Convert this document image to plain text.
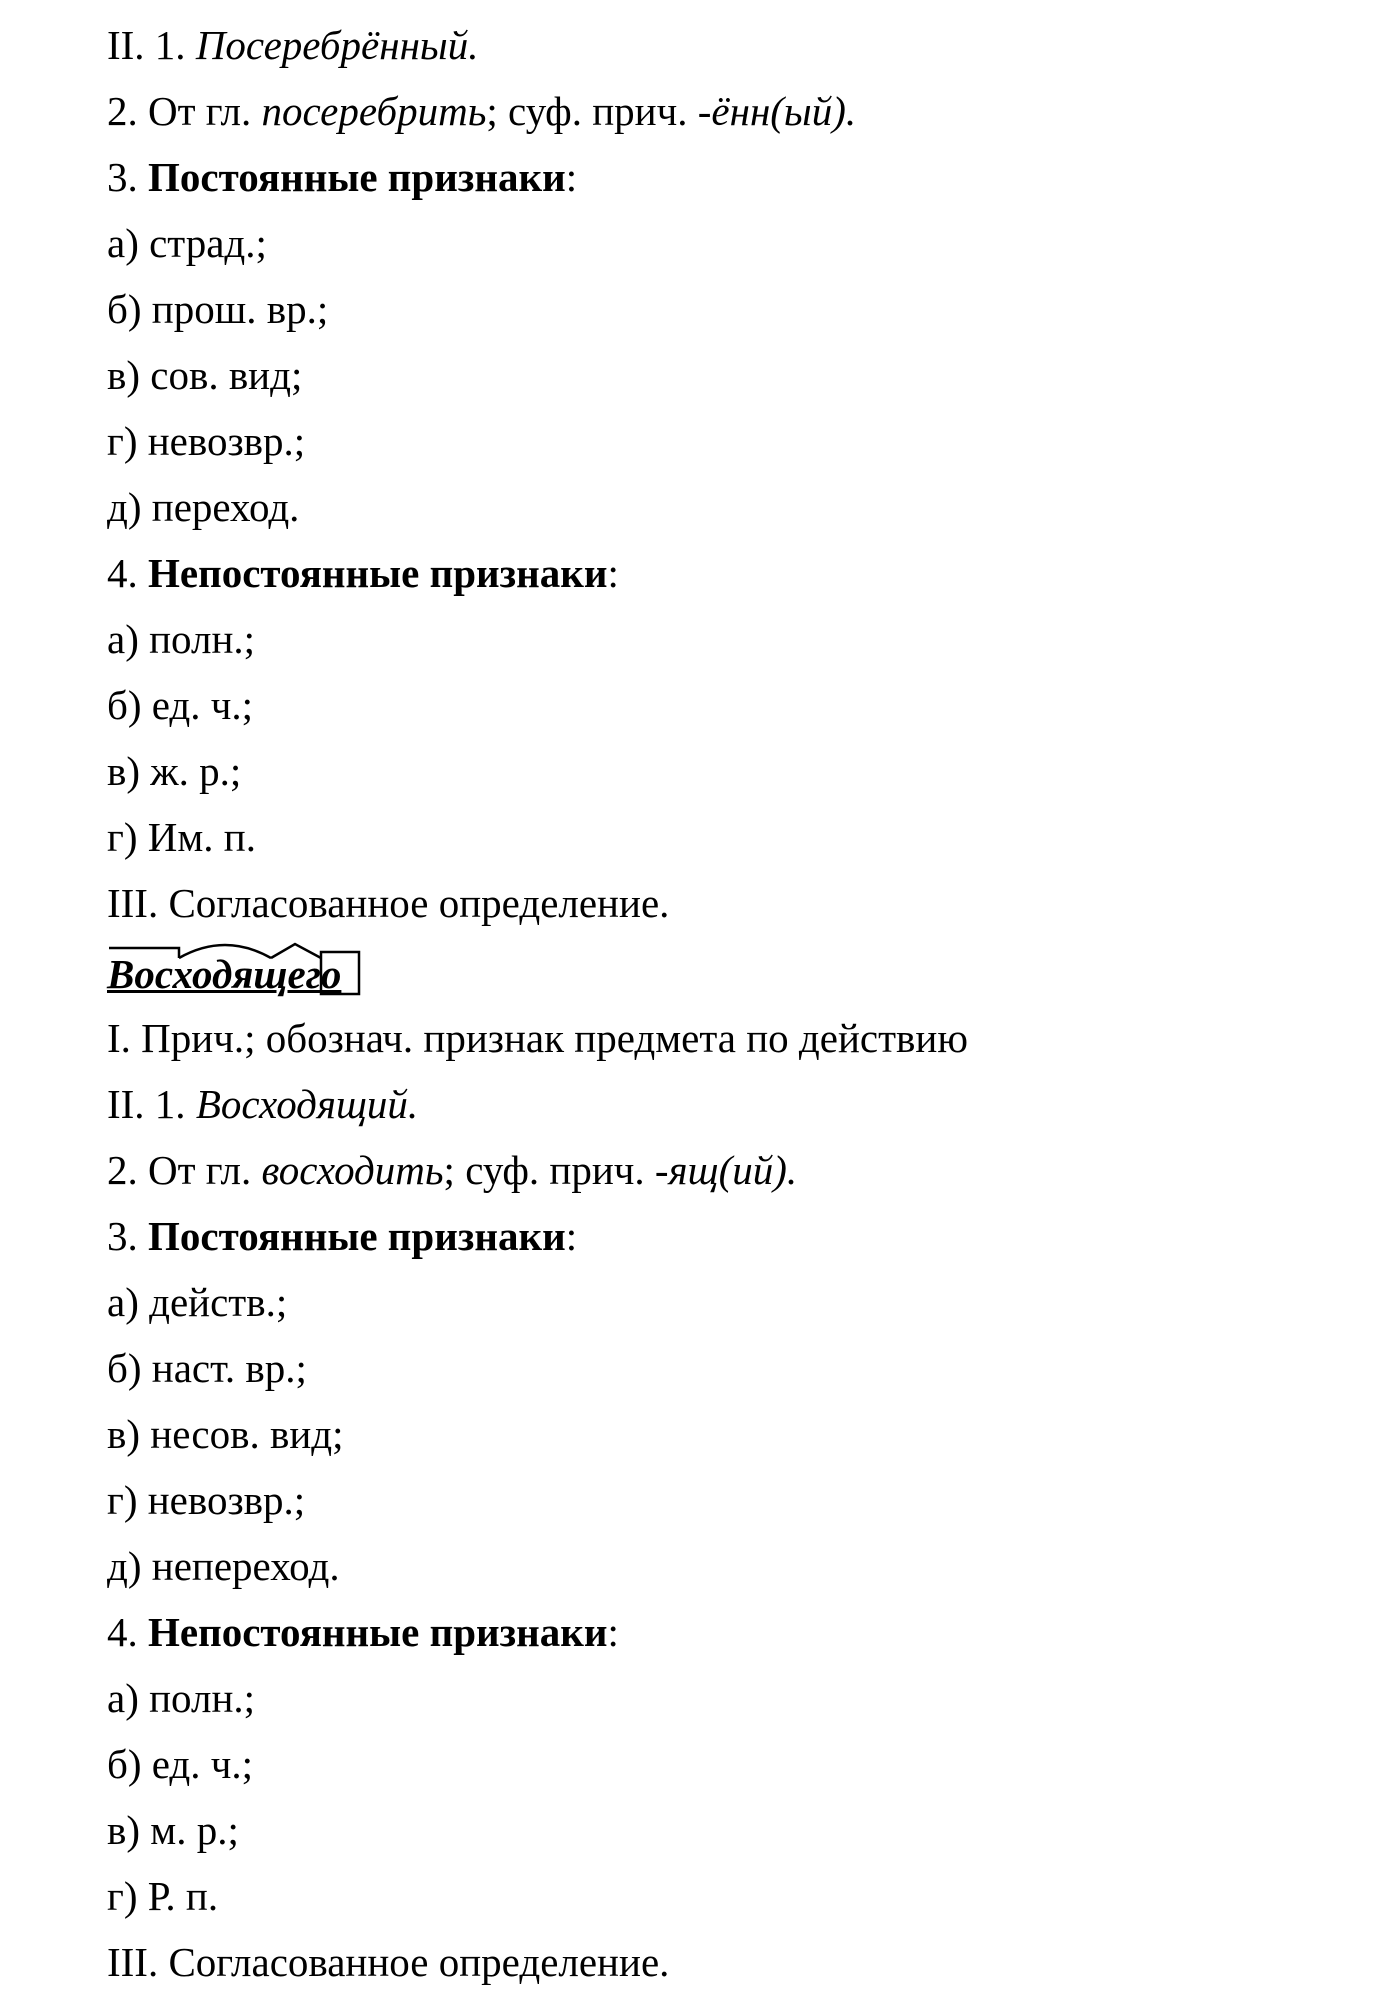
II. 1. Посеребрённый.
2. От гл. посеребрить; суф. прич. -ённ(ый).
3. Постоянные признаки:
а) страд.;
б) прош. вр.;
в) сов. вид;
г) невозвр.;
д) переход.
4. Непостоянные признаки:
а) полн.;
б) ед. ч.;
в) ж. р.;
г) Им. п.
III. Согласованное определение.
Восходящего
I. Прич.; обознач. признак предмета по действию
II. 1. Восходящий.
2. От гл. восходить; суф. прич. -ящ(ий).
3. Постоянные признаки:
а) действ.;
б) наст. вр.;
в) несов. вид;
г) невозвр.;
д) непереход.
4. Непостоянные признаки:
а) полн.;
б) ед. ч.;
в) м. р.;
г) Р. п.
III. Согласованное определение.
